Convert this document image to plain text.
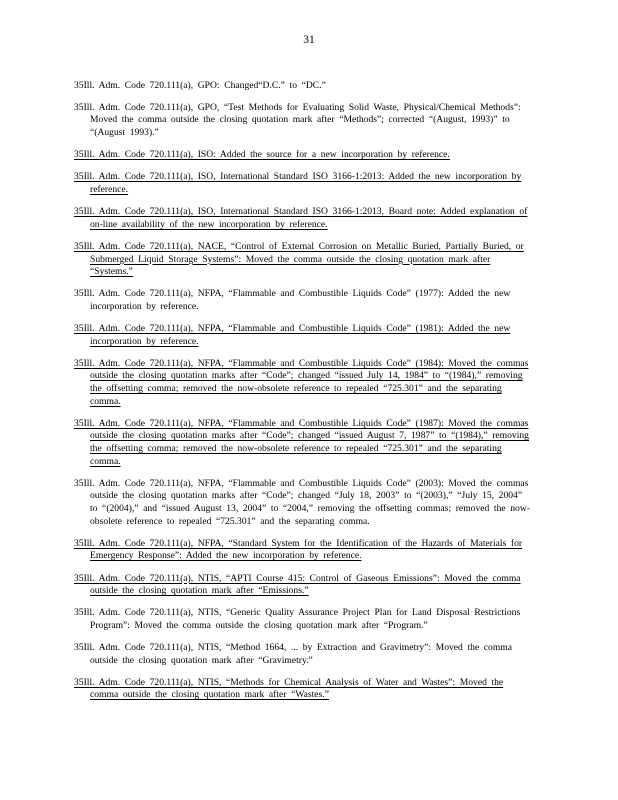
31

35Ill. Adm. Code 720.111(a), GPO: Changed“D.C.” to “DC.”

35Ill. Adm. Code 720.111(a), GPO, “Test Methods for Evaluating Solid Waste, Physical/Chemical Methods”: Moved the comma outside the closing quotation mark after “Methods”; corrected “(August, 1993)” to “(August 1993).”

35Ill. Adm. Code 720.111(a), ISO: Added the source for a new incorporation by reference.

35Ill. Adm. Code 720.111(a), ISO, International Standard ISO 3166-1:2013: Added the new incorporation by reference.

35Ill. Adm. Code 720.111(a), ISO, International Standard ISO 3166-1:2013, Board note: Added explanation of on-line availability of the new incorporation by reference.

35Ill. Adm. Code 720.111(a), NACE, “Control of External Corrosion on Metallic Buried, Partially Buried, or Submerged Liquid Storage Systems”: Moved the comma outside the closing quotation mark after “Systems.”

35Ill. Adm. Code 720.111(a), NFPA, “Flammable and Combustible Liquids Code” (1977): Added the new incorporation by reference.

35Ill. Adm. Code 720.111(a), NFPA, “Flammable and Combustible Liquids Code” (1981): Added the new incorporation by reference.

35Ill. Adm. Code 720.111(a), NFPA, “Flammable and Combustible Liquids Code” (1984): Moved the commas outside the closing quotation marks after “Code”; changed “issued July 14, 1984” to “(1984),” removing the offsetting comma; removed the now-obsolete reference to repealed “725.301” and the separating comma.

35Ill. Adm. Code 720.111(a), NFPA, “Flammable and Combustible Liquids Code” (1987): Moved the commas outside the closing quotation marks after “Code”; changed “issued August 7, 1987” to “(1984),” removing the offsetting comma; removed the now-obsolete reference to repealed “725.301” and the separating comma.

35Ill. Adm. Code 720.111(a), NFPA, “Flammable and Combustible Liquids Code” (2003): Moved the commas outside the closing quotation marks after “Code”; changed “July 18, 2003” to “(2003),” “July 15, 2004” to “(2004),” and “issued August 13, 2004” to “2004,” removing the offsetting commas; removed the now-obsolete reference to repealed “725.301” and the separating comma.

35Ill. Adm. Code 720.111(a), NFPA, “Standard System for the Identification of the Hazards of Materials for Emergency Response”: Added the new incorporation by reference.

35Ill. Adm. Code 720.111(a), NTIS, “APTI Course 415: Control of Gaseous Emissions”: Moved the comma outside the closing quotation mark after “Emissions.”

35Ill. Adm. Code 720.111(a), NTIS, “Generic Quality Assurance Project Plan for Land Disposal Restrictions Program”: Moved the comma outside the closing quotation mark after “Program.”

35Ill. Adm. Code 720.111(a), NTIS, “Method 1664, ... by Extraction and Gravimetry”: Moved the comma outside the closing quotation mark after “Gravimetry.”

35Ill. Adm. Code 720.111(a), NTIS, “Methods for Chemical Analysis of Water and Wastes”: Moved the comma outside the closing quotation mark after “Wastes.”
